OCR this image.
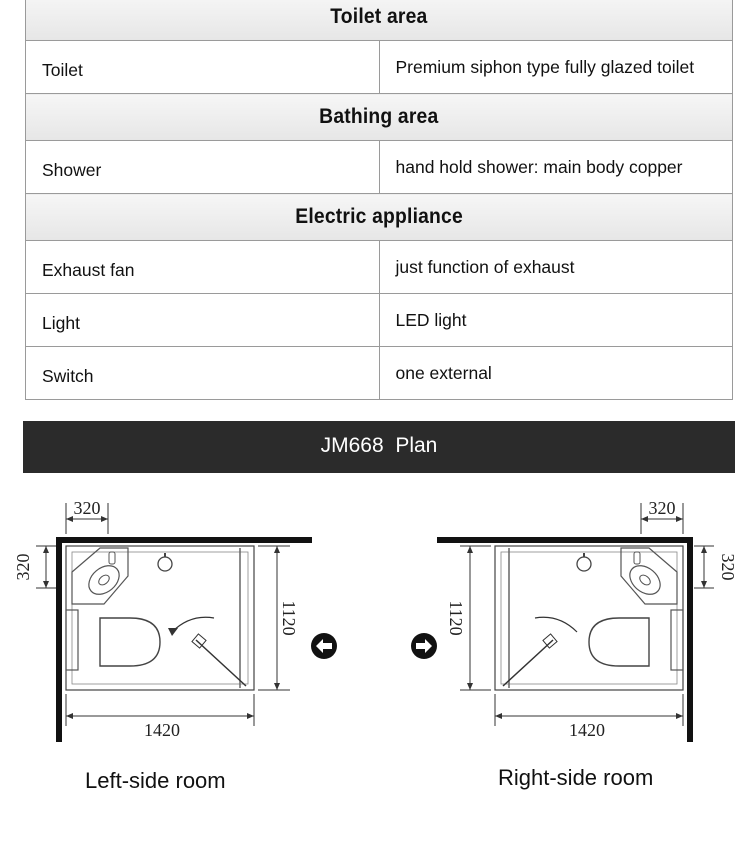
Toilet area	
Toilet	Premium siphon type fully glazed toilet
Bathing area	
Shower	hand hold shower: main body copper
Electric appliance	
Exhaust fan	just function of exhaust
Light	LED light
Switch	one external
JM668  Plan
320
320
1120
1420
320
320
1120
1420
Left-side room	Right-side room
